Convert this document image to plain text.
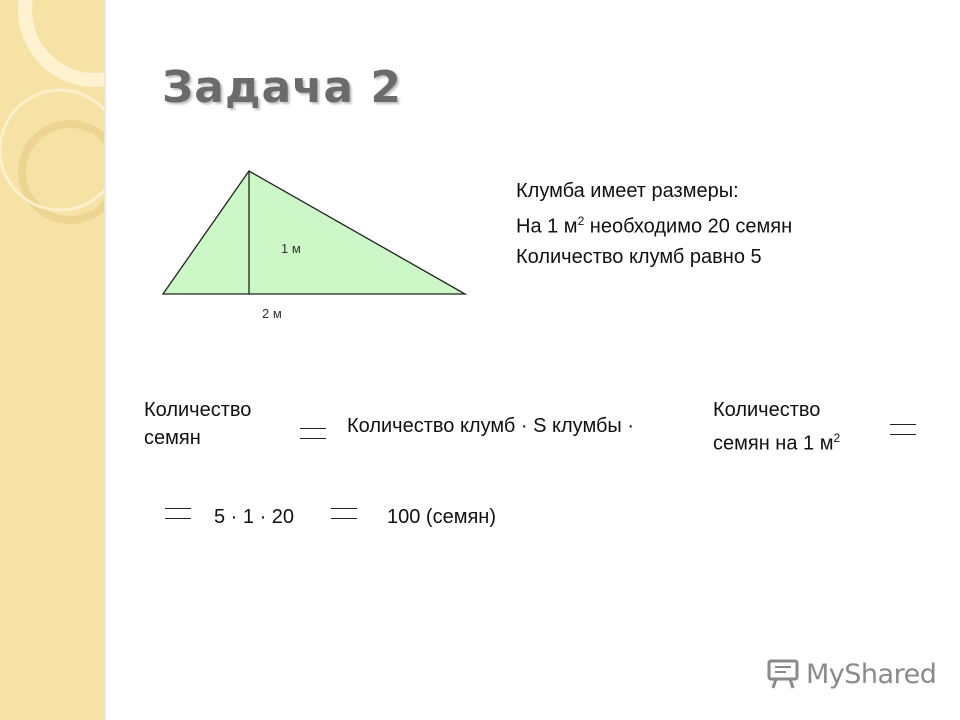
Задача 2
1 м
2 м
Клумба имеет размеры:
На 1 $м^2$ необходимо 20 семян
Количество клумб равно 5
Количество
семян
Количество клумб · S клумбы ·
Количество
семян на 1 $м^2$
5 · 1 · 20	100 (семян)
MyShared
